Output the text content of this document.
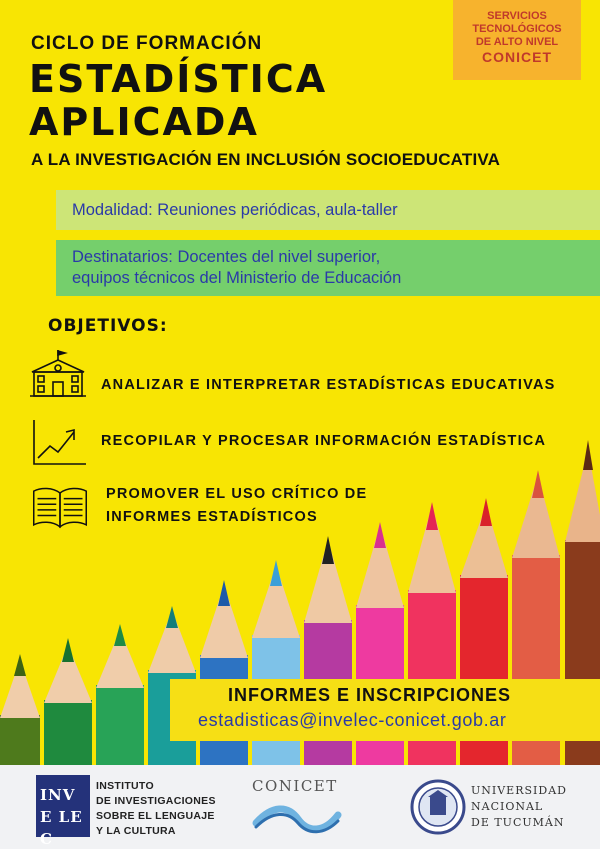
SERVICIOS
TECNOLÓGICOS
DE ALTO NIVEL
CONICET
CICLO DE FORMACIÓN
ESTADÍSTICA
APLICADA
A LA INVESTIGACIÓN EN INCLUSIÓN SOCIOEDUCATIVA
Modalidad: Reuniones periódicas, aula-taller
Destinatarios: Docentes del nivel superior,
equipos técnicos del Ministerio de Educación
OBJETIVOS:
ANALIZAR E INTERPRETAR ESTADÍSTICAS EDUCATIVAS
RECOPILAR Y PROCESAR INFORMACIÓN ESTADÍSTICA
PROMOVER EL USO CRÍTICO DE
INFORMES ESTADÍSTICOS
INFORMES E INSCRIPCIONES
estadisticas@invelec-conicet.gob.ar
INVE LEC
INSTITUTO
DE INVESTIGACIONES
SOBRE EL LENGUAJE
Y LA CULTURA
CONICET	UNIVERSIDAD
NACIONAL
DE TUCUMÁN
